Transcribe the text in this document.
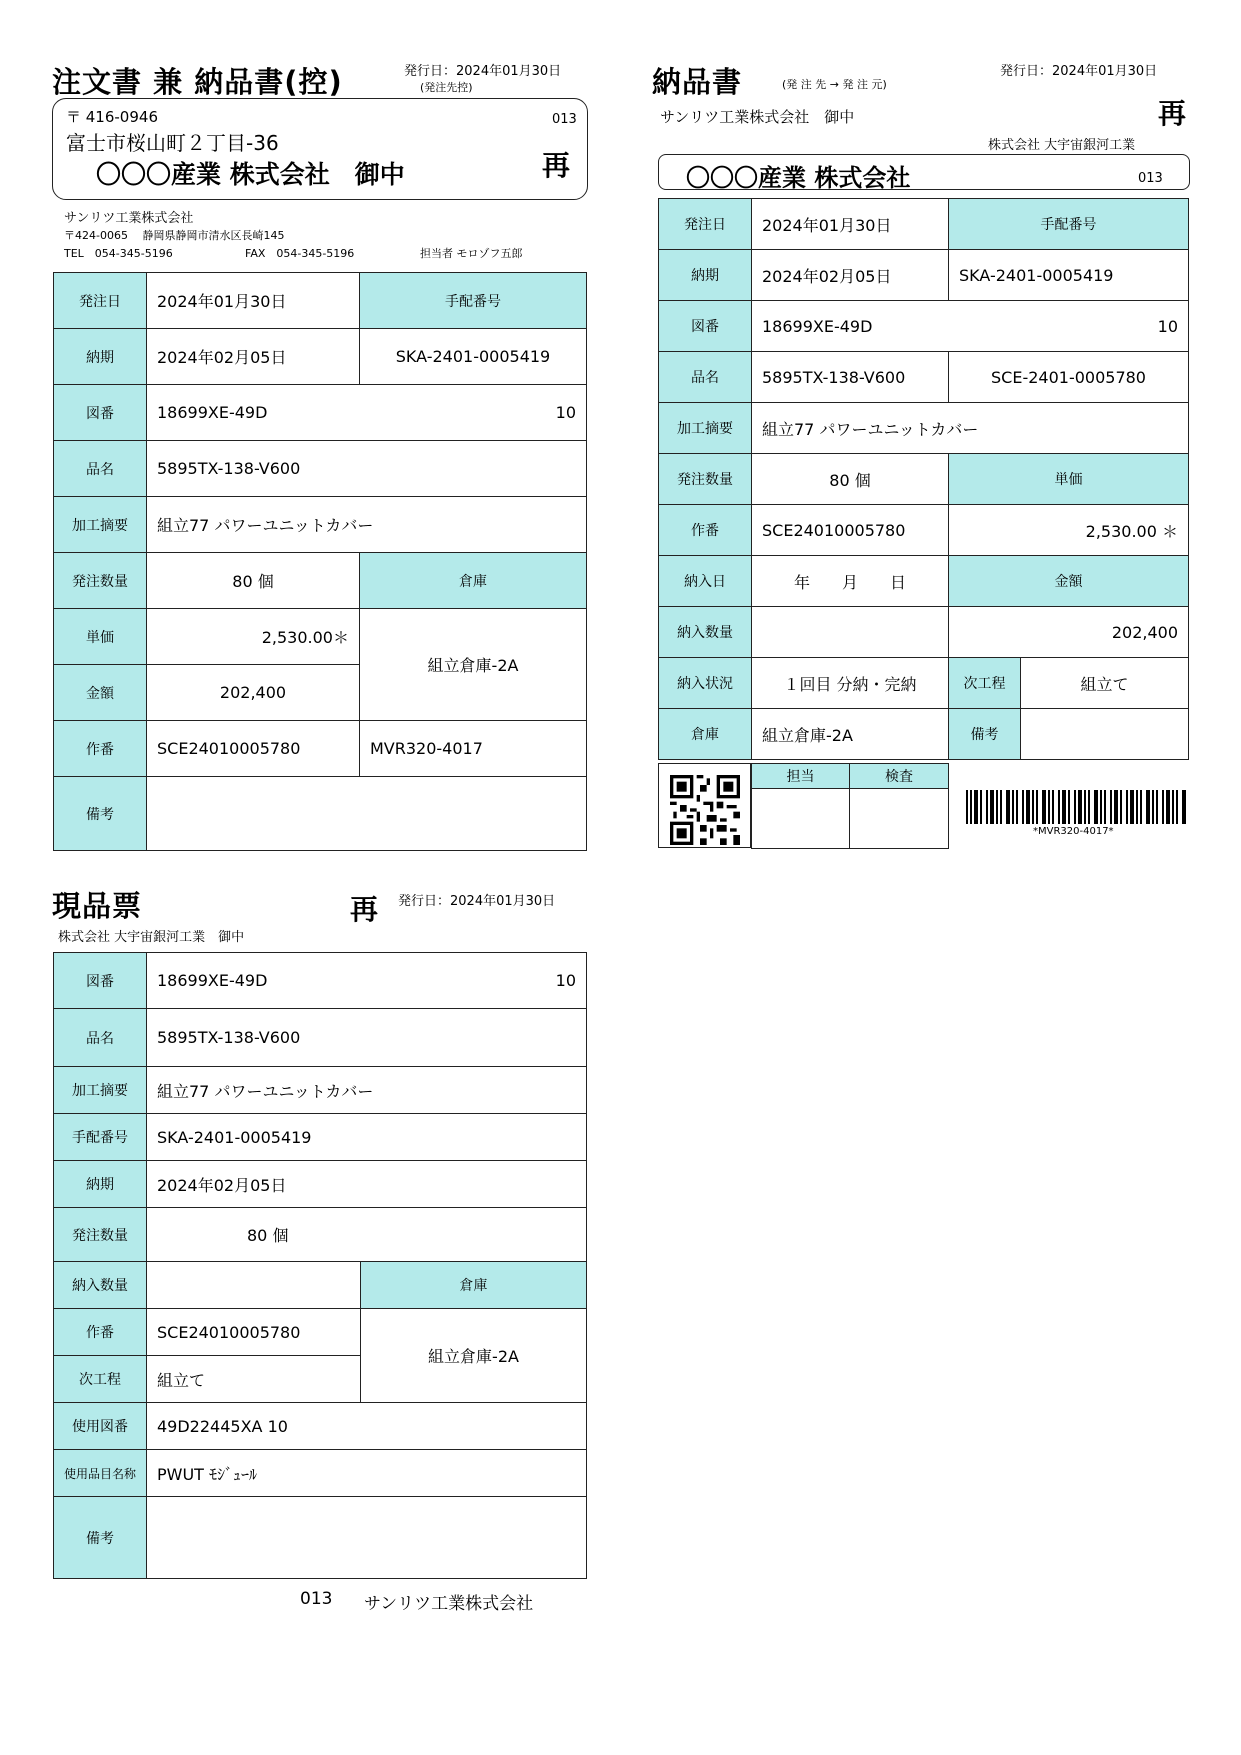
注文書 兼 納品書(控)	発行日：2024年01月30日
(発注先控)
〒 416-0946
富士市桜山町２丁目-36
〇〇〇産業 株式会社　御中
013
再
サンリツ工業株式会社
〒424-0065　 静岡県静岡市清水区長崎145
TEL　054-345-5196	FAX　054-345-5196	担当者 モロゾフ五郎
発注日	2024年01月30日	手配番号
納期	2024年02月05日	SKA-2401-0005419
図番	18699XE-49D 10	

品名	5895TX-138-V600	
加工摘要	組立77 パワーユニットカバー	
発注数量	80 個	倉庫
単価	2,530.00＊	組立倉庫-2A
金額	202,400	
作番	SCE24010005780	MVR320-4017
備考		
納品書	(発 注 先 → 発 注 元)
発行日：2024年01月30日
サンリツ工業株式会社　御中	再
株式会社 大宇宙銀河工業
〇〇〇産業 株式会社	013
発注日	2024年01月30日	手配番号	
納期	2024年02月05日	SKA-2401-0005419	
図番	18699XE-49D 10		

品名	5895TX-138-V600	SCE-2401-0005780	
加工摘要	組立77 パワーユニットカバー		
発注数量	80 個	単価	
作番	SCE24010005780	2,530.00 ＊	
納入日	年　　月　　日	金額	
納入数量		202,400	
納入状況	１回目 分納・完納	次工程	組立て
倉庫	組立倉庫-2A	備考	
担当	検査

*MVR320-4017*
現品票	再 発行日：2024年01月30日
株式会社 大宇宙銀河工業　御中
図番	18699XE-49D 10	

品名	5895TX-138-V600	
加工摘要	組立77 パワーユニットカバー	
手配番号	SKA-2401-0005419	
納期	2024年02月05日	
発注数量	80 個	
納入数量		倉庫
作番	SCE24010005780	組立倉庫-2A
次工程	組立て	
使用図番	49D22445XA 10	
使用品目名称	PWUT ﾓｼﾞｭｰﾙ	
備考		
013 サンリツ工業株式会社
